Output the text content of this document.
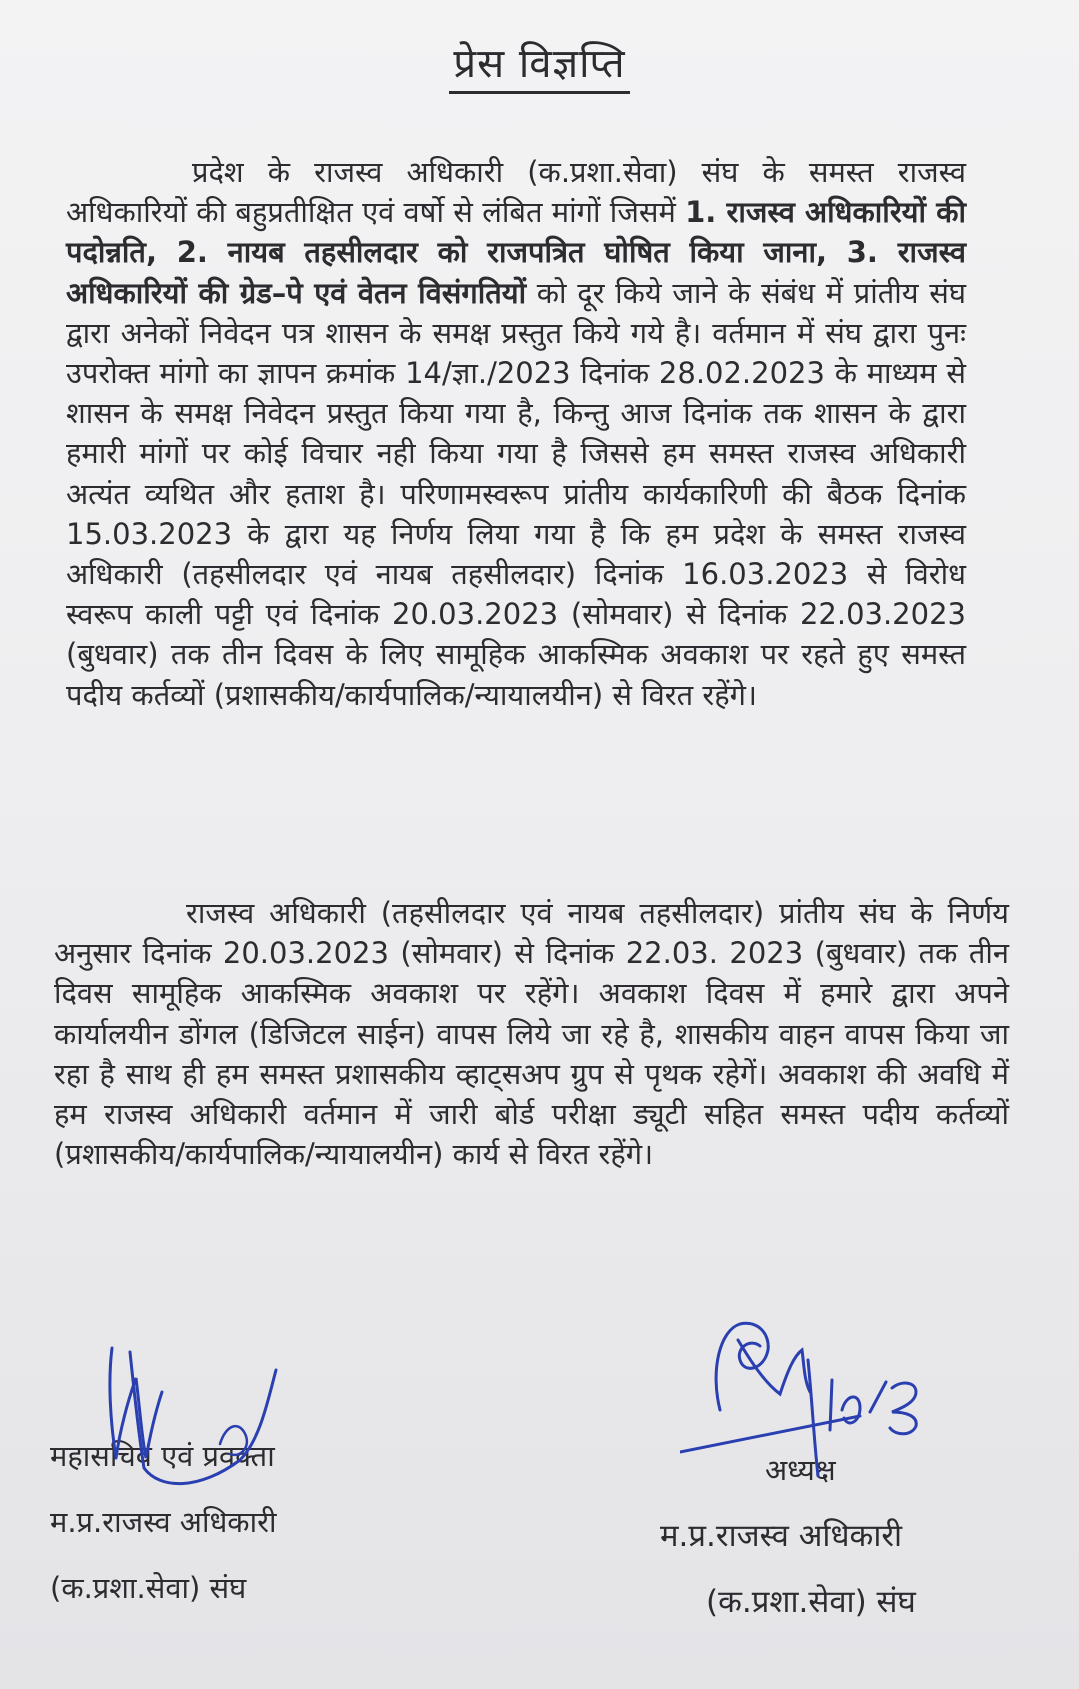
प्रेस विज्ञप्ति

प्रदेश के राजस्व अधिकारी (क.प्रशा.सेवा) संघ के समस्त राजस्व अधिकारियों की बहुप्रतीक्षित एवं वर्षो से लंबित मांगों जिसमें 1. राजस्व अधिकारियों की पदोन्नति, 2. नायब तहसीलदार को राजपत्रित घोषित किया जाना, 3. राजस्व अधिकारियों की ग्रेड–पे एवं वेतन विसंगतियों को दूर किये जाने के संबंध में प्रांतीय संघ द्वारा अनेकों निवेदन पत्र शासन के समक्ष प्रस्तुत किये गये है। वर्तमान में संघ द्वारा पुनः उपरोक्त मांगो का ज्ञापन क्रमांक 14/ज्ञा./2023 दिनांक 28.02.2023 के माध्यम से शासन के समक्ष निवेदन प्रस्तुत किया गया है, किन्तु आज दिनांक तक शासन के द्वारा हमारी मांगों पर कोई विचार नही किया गया है जिससे हम समस्त राजस्व अधिकारी अत्यंत व्यथित और हताश है। परिणामस्वरूप प्रांतीय कार्यकारिणी की बैठक दिनांक 15.03.2023 के द्वारा यह निर्णय लिया गया है कि हम प्रदेश के समस्त राजस्व अधिकारी (तहसीलदार एवं नायब तहसीलदार) दिनांक 16.03.2023 से विरोध स्वरूप काली पट्टी एवं दिनांक 20.03.2023 (सोमवार) से दिनांक 22.03.2023 (बुधवार) तक तीन दिवस के लिए सामूहिक आकस्मिक अवकाश पर रहते हुए समस्त पदीय कर्तव्यों (प्रशासकीय/कार्यपालिक/न्यायालयीन) से विरत रहेंगे।

राजस्व अधिकारी (तहसीलदार एवं नायब तहसीलदार) प्रांतीय संघ के निर्णय अनुसार दिनांक 20.03.2023 (सोमवार) से दिनांक 22.03. 2023 (बुधवार) तक तीन दिवस सामूहिक आकस्मिक अवकाश पर रहेंगे। अवकाश दिवस में हमारे द्वारा अपने कार्यालयीन डोंगल (डिजिटल साईन) वापस लिये जा रहे है, शासकीय वाहन वापस किया जा रहा है साथ ही हम समस्त प्रशासकीय व्हाट्सअप ग्रुप से पृथक रहेगें। अवकाश की अवधि में हम राजस्व अधिकारी वर्तमान में जारी बोर्ड परीक्षा ड्यूटी सहित समस्त पदीय कर्तव्यों (प्रशासकीय/कार्यपालिक/न्यायालयीन) कार्य से विरत रहेंगे।

महासचिव एवं प्रवक्ता
म.प्र.राजस्व अधिकारी
(क.प्रशा.सेवा) संघ
अध्यक्ष
म.प्र.राजस्व अधिकारी
(क.प्रशा.सेवा) संघ
